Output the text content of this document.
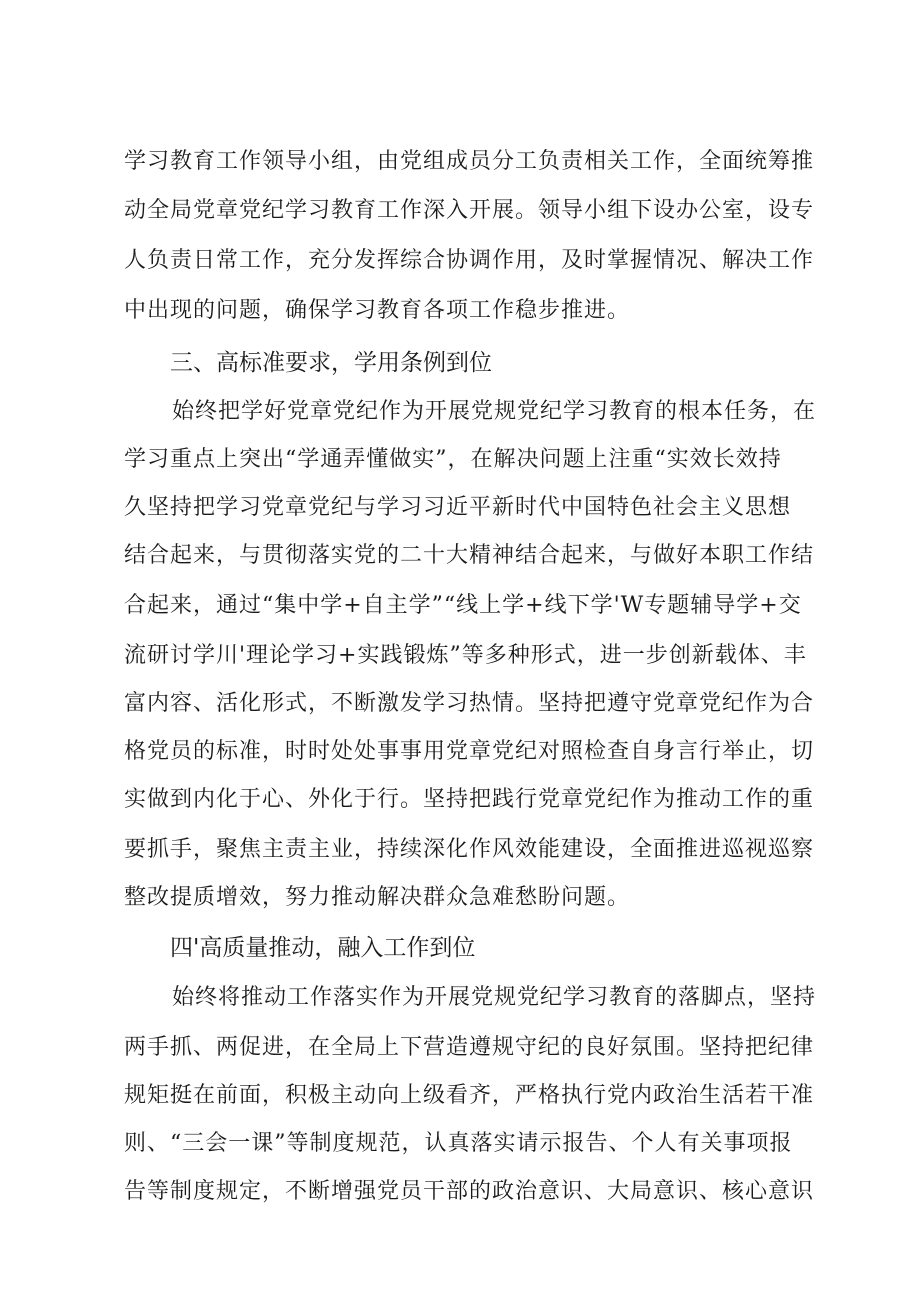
学习教育工作领导小组，由党组成员分工负责相关工作，全面统筹推
动全局党章党纪学习教育工作深入开展。领导小组下设办公室，设专
人负责日常工作，充分发挥综合协调作用，及时掌握情况、解决工作
中出现的问题，确保学习教育各项工作稳步推进。
三、高标准要求，学用条例到位
始终把学好党章党纪作为开展党规党纪学习教育的根本任务，在
学习重点上突出“学通弄懂做实”，在解决问题上注重“实效长效持
久坚持把学习党章党纪与学习习近平新时代中国特色社会主义思想
结合起来，与贯彻落实党的二十大精神结合起来，与做好本职工作结
合起来，通过“集中学+自主学”“线上学+线下学'W专题辅导学+交
流研讨学川'理论学习+实践锻炼”等多种形式，进一步创新载体、丰
富内容、活化形式，不断激发学习热情。坚持把遵守党章党纪作为合
格党员的标准，时时处处事事用党章党纪对照检查自身言行举止，切
实做到内化于心、外化于行。坚持把践行党章党纪作为推动工作的重
要抓手，聚焦主责主业，持续深化作风效能建设，全面推进巡视巡察
整改提质增效，努力推动解决群众急难愁盼问题。
四'高质量推动，融入工作到位
始终将推动工作落实作为开展党规党纪学习教育的落脚点，坚持
两手抓、两促进，在全局上下营造遵规守纪的良好氛围。坚持把纪律
规矩挺在前面，积极主动向上级看齐，严格执行党内政治生活若干准
则、“三会一课”等制度规范，认真落实请示报告、个人有关事项报
告等制度规定，不断增强党员干部的政治意识、大局意识、核心意识
